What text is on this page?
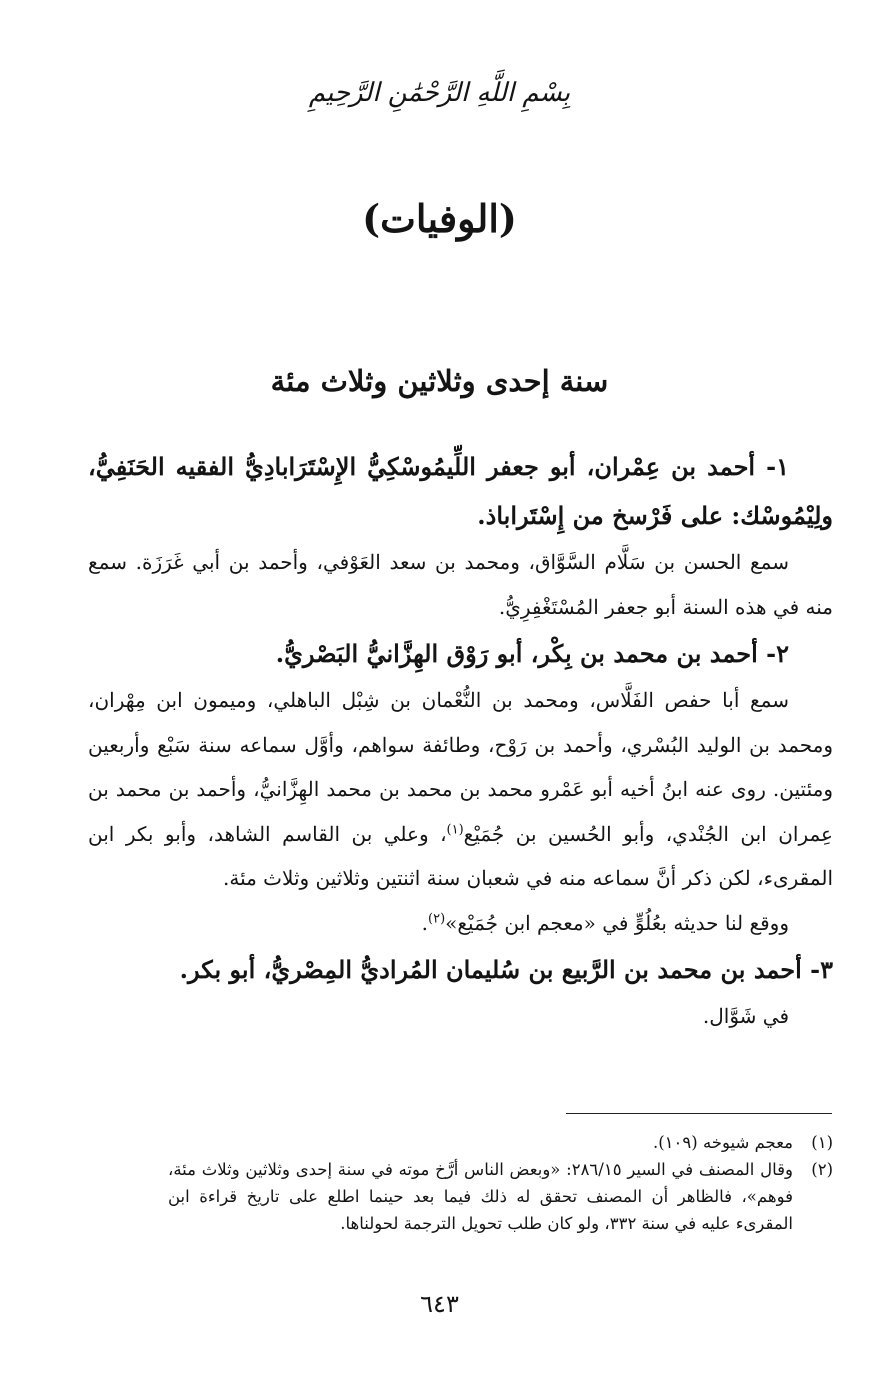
بِسْمِ اللَّهِ الرَّحْمَٰنِ الرَّحِيمِ
(الوفيات)
سنة إحدى وثلاثين وثلاث مئة

١- أحمد بن عِمْران، أبو جعفر اللِّيمُوسْكِيُّ الإِسْتَرَابادِيُّ الفقيه الحَنَفِيُّ، ولِيْمُوسْك: على فَرْسخ من إِسْتَراباذ.

سمع الحسن بن سَلَّام السَّوَّاق، ومحمد بن سعد العَوْفي، وأحمد بن أبي غَرَزَة. سمع منه في هذه السنة أبو جعفر المُسْتَغْفِرِيُّ.

٢- أحمد بن محمد بن بِكْر، أبو رَوْق الهِزَّانيُّ البَصْريُّ.

سمع أبا حفص الفَلَّاس، ومحمد بن النُّعْمان بن شِبْل الباهلي، وميمون ابن مِهْران، ومحمد بن الوليد البُسْري، وأحمد بن رَوْح، وطائفة سواهم، وأوَّل سماعه سنة سَبْع وأربعين ومئتين. روى عنه ابنُ أخيه أبو عَمْرو محمد بن محمد بن محمد الهِزَّانيُّ، وأحمد بن محمد بن عِمران ابن الجُنْدي، وأبو الحُسين بن جُمَيْع$^{(١)}$، وعلي بن القاسم الشاهد، وأبو بكر ابن المقرىء، لكن ذكر أنَّ سماعه منه في شعبان سنة اثنتين وثلاثين وثلاث مئة.

ووقع لنا حديثه بعُلُوٍّ في «معجم ابن جُمَيْع»$^{(٢)}$.

٣- أحمد بن محمد بن الرَّبيع بن سُليمان المُراديُّ المِصْريُّ، أبو بكر.

في شَوَّال.

(١)
معجم شيوخه (١٠٩).

(٢)
وقال المصنف في السير ٢٨٦/١٥: «وبعض الناس أرَّخ موته في سنة إحدى وثلاثين وثلاث مئة، فوهم»، فالظاهر أن المصنف تحقق له ذلك فيما بعد حينما اطلع على تاريخ قراءة ابن المقرىء عليه في سنة ٣٣٢، ولو كان طلب تحويل الترجمة لحولناها.

٦٤٣
